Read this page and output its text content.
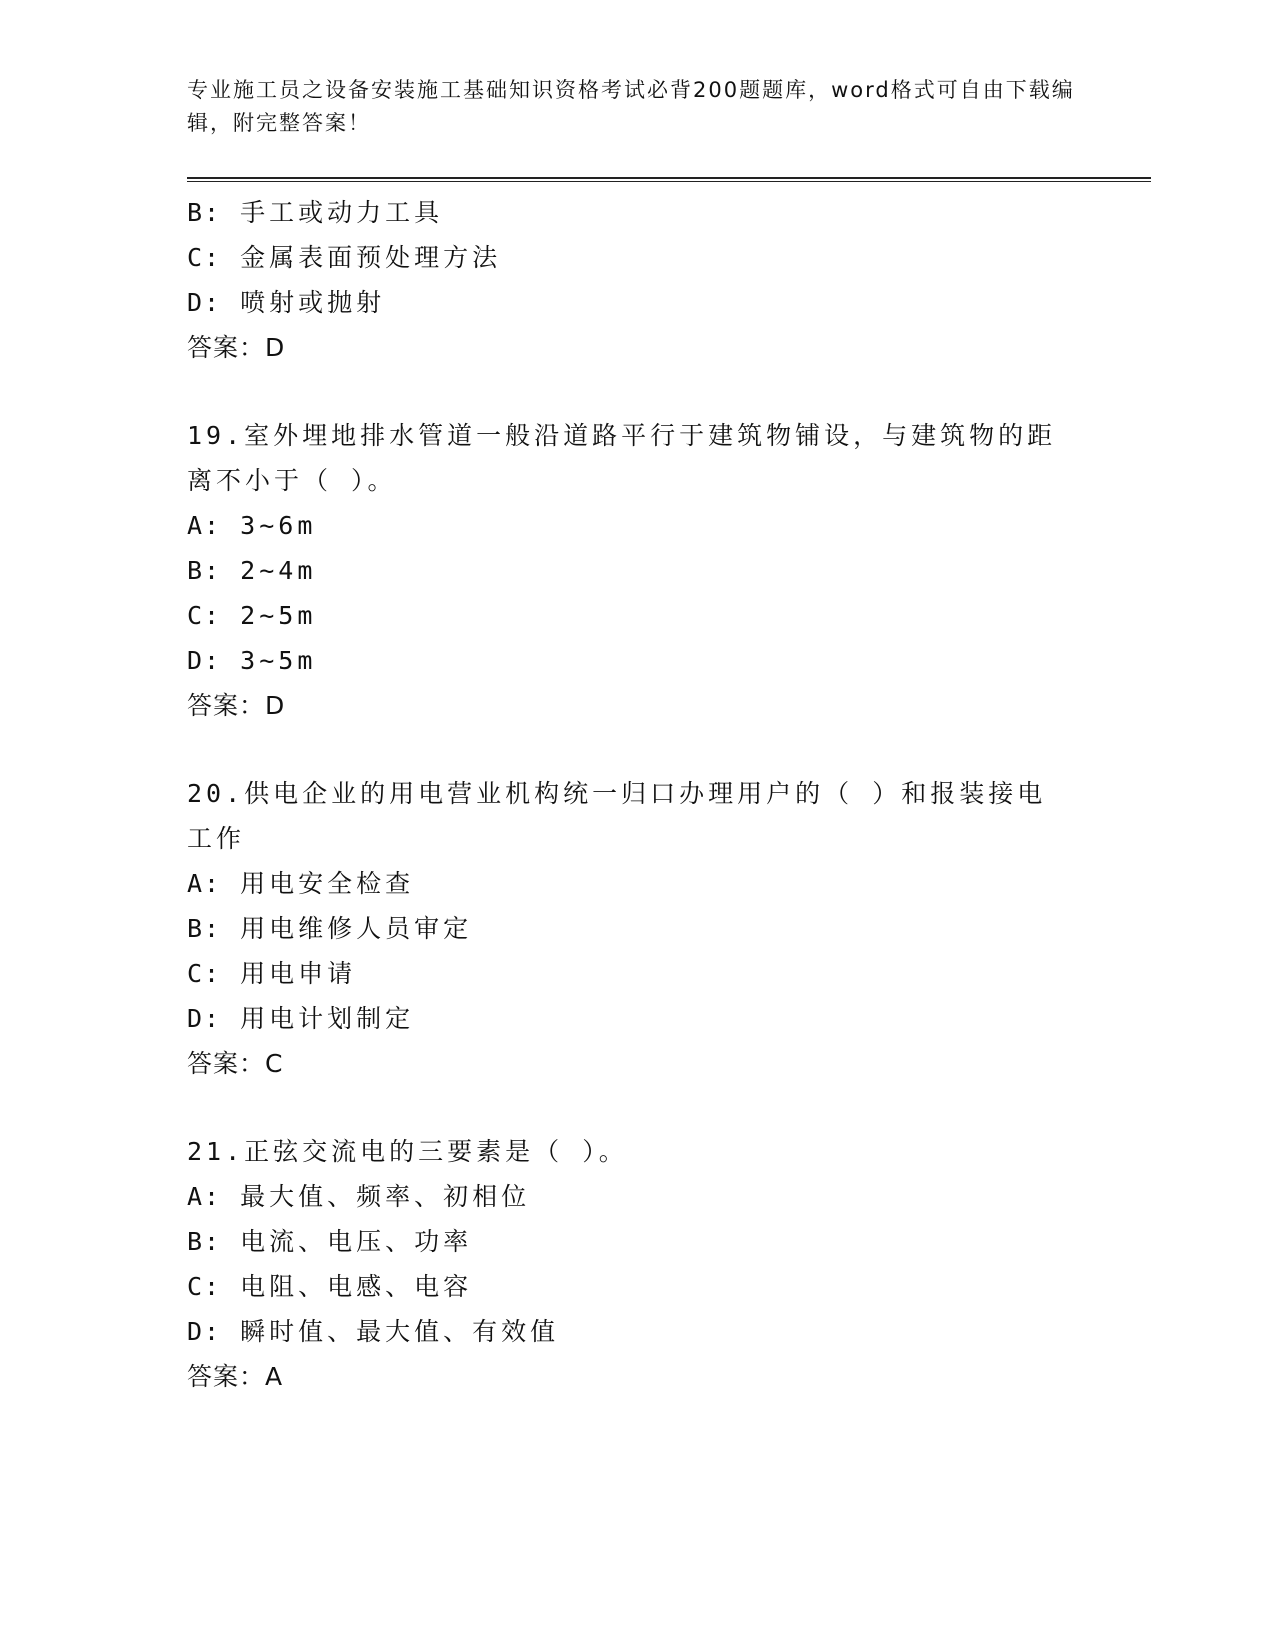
专业施工员之设备安装施工基础知识资格考试必背200题题库，word格式可自由下载编辑，附完整答案！
B: 手工或动力工具
C: 金属表面预处理方法
D: 喷射或抛射
答案：D
19.室外埋地排水管道一般沿道路平行于建筑物铺设，与建筑物的距离不小于（ ）。
A: 3~6m
B: 2~4m
C: 2~5m
D: 3~5m
答案：D
20.供电企业的用电营业机构统一归口办理用户的（ ）和报装接电工作
A: 用电安全检查
B: 用电维修人员审定
C: 用电申请
D: 用电计划制定
答案：C
21.正弦交流电的三要素是（ ）。
A: 最大值、频率、初相位
B: 电流、电压、功率
C: 电阻、电感、电容
D: 瞬时值、最大值、有效值
答案：A
